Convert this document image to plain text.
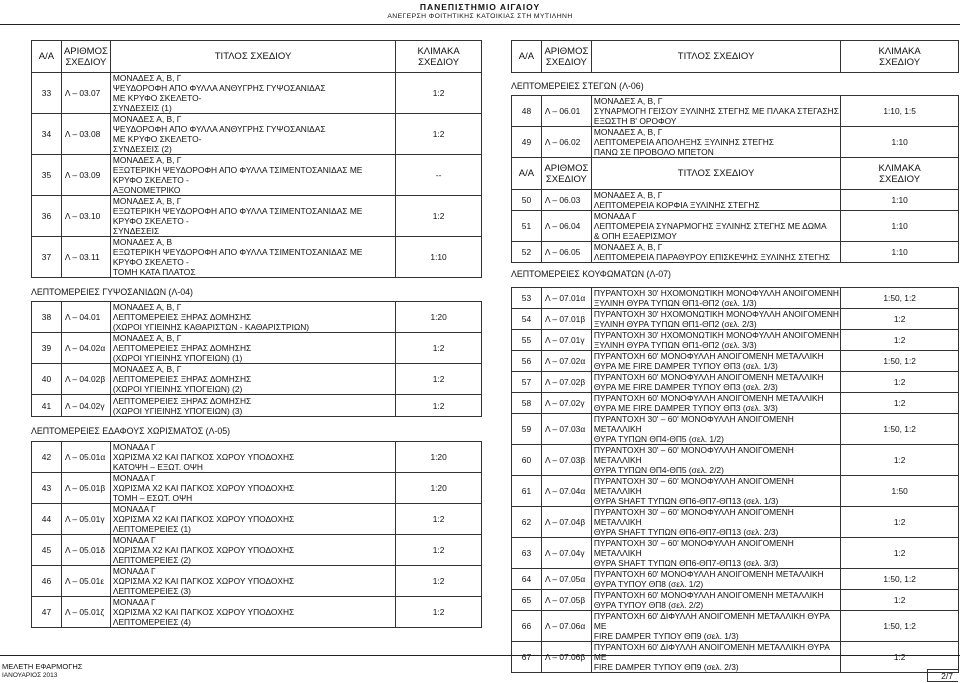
ΠΑΝΕΠΙΣΤΗΜΙΟ ΑΙΓΑΙΟΥ
ΑΝΕΓΕΡΣΗ ΦΟΙΤΗΤΙΚΗΣ ΚΑΤΟΙΚΙΑΣ ΣΤΗ ΜΥΤΙΛΗΝΗ
Α/Α	ΑΡΙΘΜΟΣ
ΣΧΕΔΙΟΥ	ΤΙΤΛΟΣ ΣΧΕΔΙΟΥ	ΚΛΙΜΑΚΑ
ΣΧΕΔΙΟΥ
33	Λ – 03.07	ΜΟΝΑΔΕΣ Α, Β, Γ
ΨΕΥΔΟΡΟΦΗ ΑΠΟ ΦΥΛΛΑ ΑΝΘΥΓΡΗΣ ΓΥΨΟΣΑΝΙΔΑΣ
ΜΕ ΚΡΥΦΟ ΣΚΕΛΕΤΟ-
ΣΥΝΔΕΣΕΙΣ (1)	1:2
34	Λ – 03.08	ΜΟΝΑΔΕΣ Α, Β, Γ
ΨΕΥΔΟΡΟΦΗ ΑΠΟ ΦΥΛΛΑ ΑΝΘΥΓΡΗΣ ΓΥΨΟΣΑΝΙΔΑΣ
ΜΕ ΚΡΥΦΟ ΣΚΕΛΕΤΟ-
ΣΥΝΔΕΣΕΙΣ (2)	1:2
35	Λ – 03.09	ΜΟΝΑΔΕΣ Α, Β, Γ
ΕΞΩΤΕΡΙΚΗ ΨΕΥΔΟΡΟΦΗ ΑΠΟ ΦΥΛΛΑ ΤΣΙΜΕΝΤΟΣΑΝΙΔΑΣ ΜΕ
ΚΡΥΦΟ ΣΚΕΛΕΤΟ -
ΑΞΟΝΟΜΕΤΡΙΚΟ	--
36	Λ – 03.10	ΜΟΝΑΔΕΣ Α, Β, Γ
ΕΞΩΤΕΡΙΚΗ ΨΕΥΔΟΡΟΦΗ ΑΠΟ ΦΥΛΛΑ ΤΣΙΜΕΝΤΟΣΑΝΙΔΑΣ ΜΕ
ΚΡΥΦΟ ΣΚΕΛΕΤΟ -
ΣΥΝΔΕΣΕΙΣ	1:2
37	Λ – 03.11	ΜΟΝΑΔΕΣ Α, Β
ΕΞΩΤΕΡΙΚΗ ΨΕΥΔΟΡΟΦΗ ΑΠΟ ΦΥΛΛΑ ΤΣΙΜΕΝΤΟΣΑΝΙΔΑΣ ΜΕ
ΚΡΥΦΟ ΣΚΕΛΕΤΟ -
ΤΟΜΗ ΚΑΤΑ ΠΛΑΤΟΣ	1:10
ΛΕΠΤΟΜΕΡΕΙΕΣ ΓΥΨΟΣΑΝΙΔΩΝ (Λ-04)
38	Λ – 04.01	ΜΟΝΑΔΕΣ Α, Β, Γ
ΛΕΠΤΟΜΕΡΕΙΕΣ ΞΗΡΑΣ ΔΟΜΗΣΗΣ
(ΧΩΡΟΙ ΥΓΙΕΙΝΗΣ ΚΑΘΑΡΙΣΤΩΝ - ΚΑΘΑΡΙΣΤΡΙΩΝ)	1:20
39	Λ – 04.02α	ΜΟΝΑΔΕΣ Α, Β, Γ
ΛΕΠΤΟΜΕΡΕΙΕΣ ΞΗΡΑΣ ΔΟΜΗΣΗΣ
(ΧΩΡΟΙ ΥΓΙΕΙΝΗΣ ΥΠΟΓΕΙΩΝ) (1)	1:2
40	Λ – 04.02β	ΜΟΝΑΔΕΣ Α, Β, Γ
ΛΕΠΤΟΜΕΡΕΙΕΣ ΞΗΡΑΣ ΔΟΜΗΣΗΣ
(ΧΩΡΟΙ ΥΓΙΕΙΝΗΣ ΥΠΟΓΕΙΩΝ) (2)	1:2
41	Λ – 04.02γ	ΛΕΠΤΟΜΕΡΕΙΕΣ ΞΗΡΑΣ ΔΟΜΗΣΗΣ
(ΧΩΡΟΙ ΥΓΙΕΙΝΗΣ ΥΠΟΓΕΙΩΝ) (3)	1:2
ΛΕΠΤΟΜΕΡΕΙΕΣ ΕΔΑΦΟΥΣ ΧΩΡΙΣΜΑΤΟΣ (Λ-05)
42	Λ – 05.01α	ΜΟΝΑΔΑ Γ
ΧΩΡΙΣΜΑ Χ2 ΚΑΙ ΠΑΓΚΟΣ ΧΩΡΟΥ ΥΠΟΔΟΧΗΣ
ΚΑΤΟΨΗ – ΕΞΩΤ. ΟΨΗ	1:20
43	Λ – 05.01β	ΜΟΝΑΔΑ Γ
ΧΩΡΙΣΜΑ Χ2 ΚΑΙ ΠΑΓΚΟΣ ΧΩΡΟΥ ΥΠΟΔΟΧΗΣ
ΤΟΜΗ – ΕΣΩΤ. ΟΨΗ	1:20
44	Λ – 05.01γ	ΜΟΝΑΔΑ Γ
ΧΩΡΙΣΜΑ Χ2 ΚΑΙ ΠΑΓΚΟΣ ΧΩΡΟΥ ΥΠΟΔΟΧΗΣ
ΛΕΠΤΟΜΕΡΕΙΕΣ (1)	1:2
45	Λ – 05.01δ	ΜΟΝΑΔΑ Γ
ΧΩΡΙΣΜΑ Χ2 ΚΑΙ ΠΑΓΚΟΣ ΧΩΡΟΥ ΥΠΟΔΟΧΗΣ
ΛΕΠΤΟΜΕΡΕΙΕΣ (2)	1:2
46	Λ – 05.01ε	ΜΟΝΑΔΑ Γ
ΧΩΡΙΣΜΑ Χ2 ΚΑΙ ΠΑΓΚΟΣ ΧΩΡΟΥ ΥΠΟΔΟΧΗΣ
ΛΕΠΤΟΜΕΡΕΙΕΣ (3)	1:2
47	Λ – 05.01ζ	ΜΟΝΑΔΑ Γ
ΧΩΡΙΣΜΑ Χ2 ΚΑΙ ΠΑΓΚΟΣ ΧΩΡΟΥ ΥΠΟΔΟΧΗΣ
ΛΕΠΤΟΜΕΡΕΙΕΣ (4)	1:2
Α/Α	ΑΡΙΘΜΟΣ
ΣΧΕΔΙΟΥ	ΤΙΤΛΟΣ ΣΧΕΔΙΟΥ	ΚΛΙΜΑΚΑ
ΣΧΕΔΙΟΥ
ΛΕΠΤΟΜΕΡΕΙΕΣ ΣΤΕΓΩΝ (Λ-06)
48	Λ – 06.01	ΜΟΝΑΔΕΣ Α, Β, Γ
ΣΥΝΑΡΜΟΓΗ ΓΕΙΣΟΥ ΞΥΛΙΝΗΣ ΣΤΕΓΗΣ ΜΕ ΠΛΑΚΑ ΣΤΕΓΑΣΗΣ
ΕΞΩΣΤΗ Β' ΟΡΟΦΟΥ	1:10, 1:5
49	Λ – 06.02	ΜΟΝΑΔΕΣ Α, Β, Γ
ΛΕΠΤΟΜΕΡΕΙΑ ΑΠΟΛΗΞΗΣ ΞΥΛΙΝΗΣ ΣΤΕΓΗΣ
ΠΑΝΩ ΣΕ ΠΡΟΒΟΛΟ ΜΠΕΤΟΝ	1:10
Α/Α	ΑΡΙΘΜΟΣ
ΣΧΕΔΙΟΥ	ΤΙΤΛΟΣ ΣΧΕΔΙΟΥ	ΚΛΙΜΑΚΑ
ΣΧΕΔΙΟΥ
50	Λ – 06.03	ΜΟΝΑΔΕΣ Α, Β, Γ
ΛΕΠΤΟΜΕΡΕΙΑ ΚΟΡΦΙΑ ΞΥΛΙΝΗΣ ΣΤΕΓΗΣ	1:10
51	Λ – 06.04	ΜΟΝΑΔΑ Γ
ΛΕΠΤΟΜΕΡΕΙΑ ΣΥΝΑΡΜΟΓΗΣ ΞΥΛΙΝΗΣ ΣΤΕΓΗΣ ΜΕ ΔΩΜΑ
& ΟΠΗ ΕΞΑΕΡΙΣΜΟΥ	1:10
52	Λ – 06.05	ΜΟΝΑΔΕΣ Α, Β, Γ
ΛΕΠΤΟΜΕΡΕΙΑ ΠΑΡΑΘΥΡΟΥ ΕΠΙΣΚΕΨΗΣ ΞΥΛΙΝΗΣ ΣΤΕΓΗΣ	1:10
ΛΕΠΤΟΜΕΡΕΙΕΣ ΚΟΥΦΩΜΑΤΩΝ (Λ-07)
53	Λ – 07.01α	ΠΥΡΑΝΤΟΧΗ 30' ΗΧΟΜΟΝΩΤΙΚΗ ΜΟΝΟΦΥΛΛΗ ΑΝΟΙΓΟΜΕΝΗ
ΞΥΛΙΝΗ ΘΥΡΑ ΤΥΠΩΝ ΘΠ1-ΘΠ2 (σελ. 1/3)	1:50, 1:2
54	Λ – 07.01β	ΠΥΡΑΝΤΟΧΗ 30' ΗΧΟΜΟΝΩΤΙΚΗ ΜΟΝΟΦΥΛΛΗ ΑΝΟΙΓΟΜΕΝΗ
ΞΥΛΙΝΗ ΘΥΡΑ ΤΥΠΩΝ ΘΠ1-ΘΠ2 (σελ. 2/3)	1:2
55	Λ – 07.01γ	ΠΥΡΑΝΤΟΧΗ 30' ΗΧΟΜΟΝΩΤΙΚΗ ΜΟΝΟΦΥΛΛΗ ΑΝΟΙΓΟΜΕΝΗ
ΞΥΛΙΝΗ ΘΥΡΑ ΤΥΠΩΝ ΘΠ1-ΘΠ2 (σελ. 3/3)	1:2
56	Λ – 07.02α	ΠΥΡΑΝΤΟΧΗ 60' ΜΟΝΟΦΥΛΛΗ ΑΝΟΙΓΟΜΕΝΗ ΜΕΤΑΛΛΙΚΗ
ΘΥΡΑ ΜΕ FIRE DAMPER ΤΥΠΟΥ ΘΠ3 (σελ. 1/3)	1:50, 1:2
57	Λ – 07.02β	ΠΥΡΑΝΤΟΧΗ 60' ΜΟΝΟΦΥΛΛΗ ΑΝΟΙΓΟΜΕΝΗ ΜΕΤΑΛΛΙΚΗ
ΘΥΡΑ ΜΕ FIRE DAMPER ΤΥΠΟΥ ΘΠ3 (σελ. 2/3)	1:2
58	Λ – 07.02γ	ΠΥΡΑΝΤΟΧΗ 60' ΜΟΝΟΦΥΛΛΗ ΑΝΟΙΓΟΜΕΝΗ ΜΕΤΑΛΛΙΚΗ
ΘΥΡΑ ΜΕ FIRE DAMPER ΤΥΠΟΥ ΘΠ3 (σελ. 3/3)	1:2
59	Λ – 07.03α	ΠΥΡΑΝΤΟΧΗ 30' – 60' ΜΟΝΟΦΥΛΛΗ ΑΝΟΙΓΟΜΕΝΗ ΜΕΤΑΛΛΙΚΗ
ΘΥΡΑ ΤΥΠΩΝ ΘΠ4-ΘΠ5 (σελ. 1/2)	1:50, 1:2
60	Λ – 07.03β	ΠΥΡΑΝΤΟΧΗ 30' – 60' ΜΟΝΟΦΥΛΛΗ ΑΝΟΙΓΟΜΕΝΗ ΜΕΤΑΛΛΙΚΗ
ΘΥΡΑ ΤΥΠΩΝ ΘΠ4-ΘΠ5 (σελ. 2/2)	1:2
61	Λ – 07.04α	ΠΥΡΑΝΤΟΧΗ 30' – 60' ΜΟΝΟΦΥΛΛΗ ΑΝΟΙΓΟΜΕΝΗ ΜΕΤΑΛΛΙΚΗ
ΘΥΡΑ SHAFT ΤΥΠΩΝ ΘΠ6-ΘΠ7-ΘΠ13 (σελ. 1/3)	1:50
62	Λ – 07.04β	ΠΥΡΑΝΤΟΧΗ 30' – 60' ΜΟΝΟΦΥΛΛΗ ΑΝΟΙΓΟΜΕΝΗ ΜΕΤΑΛΛΙΚΗ
ΘΥΡΑ SHAFT ΤΥΠΩΝ ΘΠ6-ΘΠ7-ΘΠ13 (σελ. 2/3)	1:2
63	Λ – 07.04γ	ΠΥΡΑΝΤΟΧΗ 30' – 60' ΜΟΝΟΦΥΛΛΗ ΑΝΟΙΓΟΜΕΝΗ ΜΕΤΑΛΛΙΚΗ
ΘΥΡΑ SHAFT ΤΥΠΩΝ ΘΠ6-ΘΠ7-ΘΠ13 (σελ. 3/3)	1:2
64	Λ – 07.05α	ΠΥΡΑΝΤΟΧΗ 60' ΜΟΝΟΦΥΛΛΗ ΑΝΟΙΓΟΜΕΝΗ ΜΕΤΑΛΛΙΚΗ
ΘΥΡΑ ΤΥΠΟΥ ΘΠ8 (σελ. 1/2)	1:50, 1:2
65	Λ – 07.05β	ΠΥΡΑΝΤΟΧΗ 60' ΜΟΝΟΦΥΛΛΗ ΑΝΟΙΓΟΜΕΝΗ ΜΕΤΑΛΛΙΚΗ
ΘΥΡΑ ΤΥΠΟΥ ΘΠ8 (σελ. 2/2)	1:2
66	Λ – 07.06α	ΠΥΡΑΝΤΟΧΗ 60' ΔΙΦΥΛΛΗ ΑΝΟΙΓΟΜΕΝΗ ΜΕΤΑΛΛΙΚΗ ΘΥΡΑ ΜΕ
FIRE DAMPER ΤΥΠΟΥ ΘΠ9 (σελ. 1/3)	1:50, 1:2
67	Λ – 07.06β	ΠΥΡΑΝΤΟΧΗ 60' ΔΙΦΥΛΛΗ ΑΝΟΙΓΟΜΕΝΗ ΜΕΤΑΛΛΙΚΗ ΘΥΡΑ ΜΕ
FIRE DAMPER ΤΥΠΟΥ ΘΠ9 (σελ. 2/3)	1:2
ΜΕΛΕΤΗ ΕΦΑΡΜΟΓΗΣ
ΙΑΝΟΥΑΡΙΟΣ 2013	2/7
